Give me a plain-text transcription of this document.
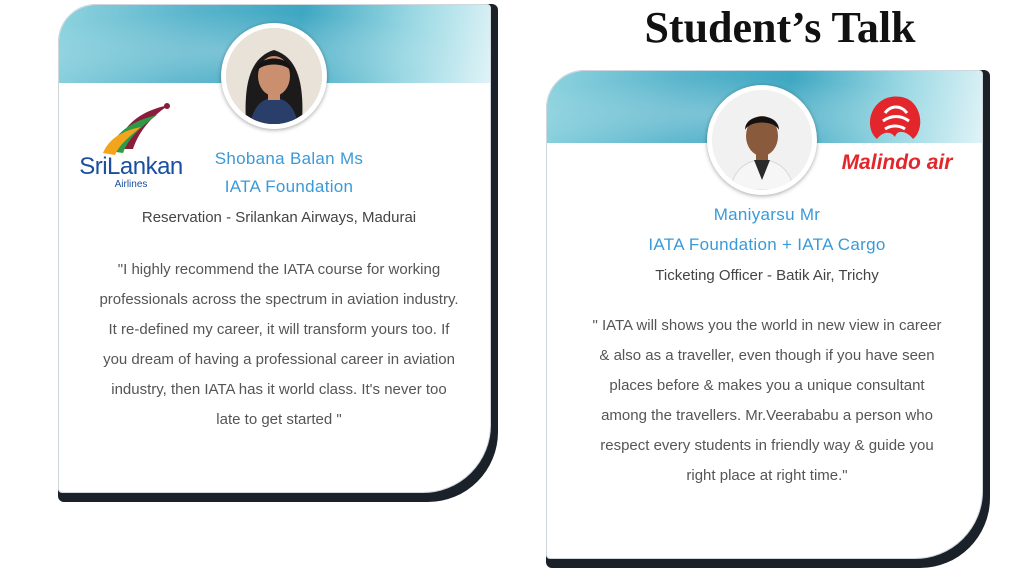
Student’s Talk
SriLankan
Airlines

Shobana Balan Ms

IATA Foundation

Reservation - Srilankan Airways, Madurai

"I highly recommend the IATA course for working professionals across the spectrum in aviation industry. It re-defined my career, it will transform yours too. If you dream of having a professional career in aviation industry, then IATA has it world class. It's never too late to get started "

Malindo air

Maniyarsu Mr

IATA Foundation + IATA Cargo

Ticketing Officer - Batik Air, Trichy

" IATA will shows you the world in new view in career & also as a traveller, even though if you have seen places before & makes you a unique consultant among the travellers. Mr.Veerababu a person who respect every students in friendly way & guide you right place at right time."
